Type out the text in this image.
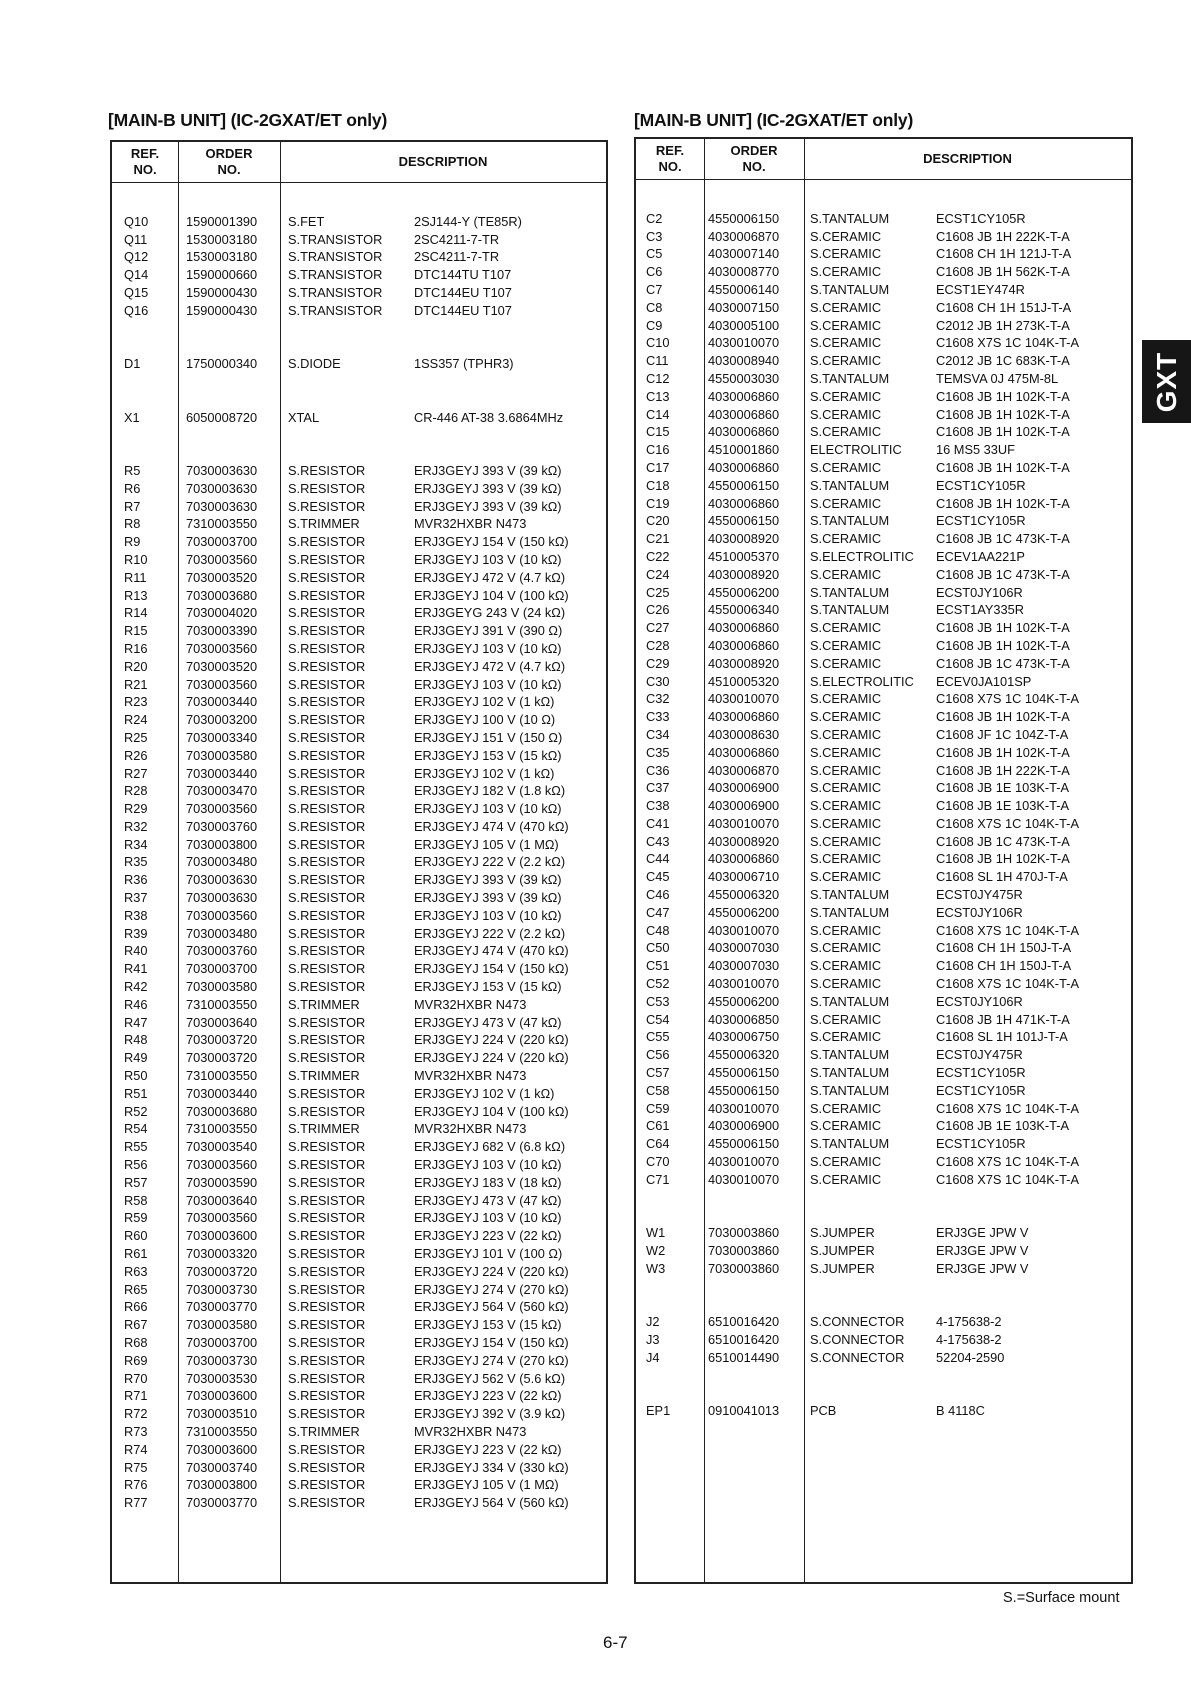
[MAIN-B UNIT] (IC-2GXAT/ET only)
REF.
NO.
ORDER
NO.
DESCRIPTION
Q10	1590001390 S.FET	2SJ144-Y (TE85R)
Q11	1530003180 S.TRANSISTOR 2SC4211-7-TR
Q12	1530003180 S.TRANSISTOR 2SC4211-7-TR
Q14	1590000660 S.TRANSISTOR DTC144TU T107
Q15	1590000430 S.TRANSISTOR DTC144EU T107
Q16	1590000430 S.TRANSISTOR DTC144EU T107
D1	1750000340 S.DIODE	1SS357 (TPHR3)
X1	6050008720 XTAL	CR-446 AT-38 3.6864MHz
R5	7030003630 S.RESISTOR	ERJ3GEYJ 393 V (39 kΩ)
R6	7030003630 S.RESISTOR	ERJ3GEYJ 393 V (39 kΩ)
R7	7030003630 S.RESISTOR	ERJ3GEYJ 393 V (39 kΩ)
R8	7310003550 S.TRIMMER	MVR32HXBR N473
R9	7030003700 S.RESISTOR	ERJ3GEYJ 154 V (150 kΩ)
R10	7030003560 S.RESISTOR	ERJ3GEYJ 103 V (10 kΩ)
R11	7030003520 S.RESISTOR	ERJ3GEYJ 472 V (4.7 kΩ)
R13	7030003680 S.RESISTOR	ERJ3GEYJ 104 V (100 kΩ)
R14	7030004020 S.RESISTOR	ERJ3GEYG 243 V (24 kΩ)
R15	7030003390 S.RESISTOR	ERJ3GEYJ 391 V (390 Ω)
R16	7030003560 S.RESISTOR	ERJ3GEYJ 103 V (10 kΩ)
R20	7030003520 S.RESISTOR	ERJ3GEYJ 472 V (4.7 kΩ)
R21	7030003560 S.RESISTOR	ERJ3GEYJ 103 V (10 kΩ)
R23	7030003440 S.RESISTOR	ERJ3GEYJ 102 V (1 kΩ)
R24	7030003200 S.RESISTOR	ERJ3GEYJ 100 V (10 Ω)
R25	7030003340 S.RESISTOR	ERJ3GEYJ 151 V (150 Ω)
R26	7030003580 S.RESISTOR	ERJ3GEYJ 153 V (15 kΩ)
R27	7030003440 S.RESISTOR	ERJ3GEYJ 102 V (1 kΩ)
R28	7030003470 S.RESISTOR	ERJ3GEYJ 182 V (1.8 kΩ)
R29	7030003560 S.RESISTOR	ERJ3GEYJ 103 V (10 kΩ)
R32	7030003760 S.RESISTOR	ERJ3GEYJ 474 V (470 kΩ)
R34	7030003800 S.RESISTOR	ERJ3GEYJ 105 V (1 MΩ)
R35	7030003480 S.RESISTOR	ERJ3GEYJ 222 V (2.2 kΩ)
R36	7030003630 S.RESISTOR	ERJ3GEYJ 393 V (39 kΩ)
R37	7030003630 S.RESISTOR	ERJ3GEYJ 393 V (39 kΩ)
R38	7030003560 S.RESISTOR	ERJ3GEYJ 103 V (10 kΩ)
R39	7030003480 S.RESISTOR	ERJ3GEYJ 222 V (2.2 kΩ)
R40	7030003760 S.RESISTOR	ERJ3GEYJ 474 V (470 kΩ)
R41	7030003700 S.RESISTOR	ERJ3GEYJ 154 V (150 kΩ)
R42	7030003580 S.RESISTOR	ERJ3GEYJ 153 V (15 kΩ)
R46	7310003550 S.TRIMMER	MVR32HXBR N473
R47	7030003640 S.RESISTOR	ERJ3GEYJ 473 V (47 kΩ)
R48	7030003720 S.RESISTOR	ERJ3GEYJ 224 V (220 kΩ)
R49	7030003720 S.RESISTOR	ERJ3GEYJ 224 V (220 kΩ)
R50	7310003550 S.TRIMMER	MVR32HXBR N473
R51	7030003440 S.RESISTOR	ERJ3GEYJ 102 V (1 kΩ)
R52	7030003680 S.RESISTOR	ERJ3GEYJ 104 V (100 kΩ)
R54	7310003550 S.TRIMMER	MVR32HXBR N473
R55	7030003540 S.RESISTOR	ERJ3GEYJ 682 V (6.8 kΩ)
R56	7030003560 S.RESISTOR	ERJ3GEYJ 103 V (10 kΩ)
R57	7030003590 S.RESISTOR	ERJ3GEYJ 183 V (18 kΩ)
R58	7030003640 S.RESISTOR	ERJ3GEYJ 473 V (47 kΩ)
R59	7030003560 S.RESISTOR	ERJ3GEYJ 103 V (10 kΩ)
R60	7030003600 S.RESISTOR	ERJ3GEYJ 223 V (22 kΩ)
R61	7030003320 S.RESISTOR	ERJ3GEYJ 101 V (100 Ω)
R63	7030003720 S.RESISTOR	ERJ3GEYJ 224 V (220 kΩ)
R65	7030003730 S.RESISTOR	ERJ3GEYJ 274 V (270 kΩ)
R66	7030003770 S.RESISTOR	ERJ3GEYJ 564 V (560 kΩ)
R67	7030003580 S.RESISTOR	ERJ3GEYJ 153 V (15 kΩ)
R68	7030003700 S.RESISTOR	ERJ3GEYJ 154 V (150 kΩ)
R69	7030003730 S.RESISTOR	ERJ3GEYJ 274 V (270 kΩ)
R70	7030003530 S.RESISTOR	ERJ3GEYJ 562 V (5.6 kΩ)
R71	7030003600 S.RESISTOR	ERJ3GEYJ 223 V (22 kΩ)
R72	7030003510 S.RESISTOR	ERJ3GEYJ 392 V (3.9 kΩ)
R73	7310003550 S.TRIMMER	MVR32HXBR N473
R74	7030003600 S.RESISTOR	ERJ3GEYJ 223 V (22 kΩ)
R75	7030003740 S.RESISTOR	ERJ3GEYJ 334 V (330 kΩ)
R76	7030003800 S.RESISTOR	ERJ3GEYJ 105 V (1 MΩ)
R77	7030003770 S.RESISTOR	ERJ3GEYJ 564 V (560 kΩ)
[MAIN-B UNIT] (IC-2GXAT/ET only)
REF.
NO.
ORDER
NO.
DESCRIPTION
C2	4550006150 S.TANTALUM	ECST1CY105R
C3	4030006870 S.CERAMIC	C1608 JB 1H 222K-T-A
C5	4030007140 S.CERAMIC	C1608 CH 1H 121J-T-A
C6	4030008770 S.CERAMIC	C1608 JB 1H 562K-T-A
C7	4550006140 S.TANTALUM	ECST1EY474R
C8	4030007150 S.CERAMIC	C1608 CH 1H 151J-T-A
C9	4030005100 S.CERAMIC	C2012 JB 1H 273K-T-A
C10	4030010070 S.CERAMIC	C1608 X7S 1C 104K-T-A
C11	4030008940 S.CERAMIC	C2012 JB 1C 683K-T-A
C12	4550003030 S.TANTALUM	TEMSVA 0J 475M-8L
C13	4030006860 S.CERAMIC	C1608 JB 1H 102K-T-A
C14	4030006860 S.CERAMIC	C1608 JB 1H 102K-T-A
C15	4030006860 S.CERAMIC	C1608 JB 1H 102K-T-A
C16	4510001860 ELECTROLITIC	16 MS5 33UF
C17	4030006860 S.CERAMIC	C1608 JB 1H 102K-T-A
C18	4550006150 S.TANTALUM	ECST1CY105R
C19	4030006860 S.CERAMIC	C1608 JB 1H 102K-T-A
C20	4550006150 S.TANTALUM	ECST1CY105R
C21	4030008920 S.CERAMIC	C1608 JB 1C 473K-T-A
C22	4510005370 S.ELECTROLITIC ECEV1AA221P
C24	4030008920 S.CERAMIC	C1608 JB 1C 473K-T-A
C25	4550006200 S.TANTALUM	ECST0JY106R
C26	4550006340 S.TANTALUM	ECST1AY335R
C27	4030006860 S.CERAMIC	C1608 JB 1H 102K-T-A
C28	4030006860 S.CERAMIC	C1608 JB 1H 102K-T-A
C29	4030008920 S.CERAMIC	C1608 JB 1C 473K-T-A
C30	4510005320 S.ELECTROLITIC ECEV0JA101SP
C32	4030010070 S.CERAMIC	C1608 X7S 1C 104K-T-A
C33	4030006860 S.CERAMIC	C1608 JB 1H 102K-T-A
C34	4030008630 S.CERAMIC	C1608 JF 1C 104Z-T-A
C35	4030006860 S.CERAMIC	C1608 JB 1H 102K-T-A
C36	4030006870 S.CERAMIC	C1608 JB 1H 222K-T-A
C37	4030006900 S.CERAMIC	C1608 JB 1E 103K-T-A
C38	4030006900 S.CERAMIC	C1608 JB 1E 103K-T-A
C41	4030010070 S.CERAMIC	C1608 X7S 1C 104K-T-A
C43	4030008920 S.CERAMIC	C1608 JB 1C 473K-T-A
C44	4030006860 S.CERAMIC	C1608 JB 1H 102K-T-A
C45	4030006710 S.CERAMIC	C1608 SL 1H 470J-T-A
C46	4550006320 S.TANTALUM	ECST0JY475R
C47	4550006200 S.TANTALUM	ECST0JY106R
C48	4030010070 S.CERAMIC	C1608 X7S 1C 104K-T-A
C50	4030007030 S.CERAMIC	C1608 CH 1H 150J-T-A
C51	4030007030 S.CERAMIC	C1608 CH 1H 150J-T-A
C52	4030010070 S.CERAMIC	C1608 X7S 1C 104K-T-A
C53	4550006200 S.TANTALUM	ECST0JY106R
C54	4030006850 S.CERAMIC	C1608 JB 1H 471K-T-A
C55	4030006750 S.CERAMIC	C1608 SL 1H 101J-T-A
C56	4550006320 S.TANTALUM	ECST0JY475R
C57	4550006150 S.TANTALUM	ECST1CY105R
C58	4550006150 S.TANTALUM	ECST1CY105R
C59	4030010070 S.CERAMIC	C1608 X7S 1C 104K-T-A
C61	4030006900 S.CERAMIC	C1608 JB 1E 103K-T-A
C64	4550006150 S.TANTALUM	ECST1CY105R
C70	4030010070 S.CERAMIC	C1608 X7S 1C 104K-T-A
C71	4030010070 S.CERAMIC	C1608 X7S 1C 104K-T-A
W1	7030003860 S.JUMPER	ERJ3GE JPW V
W2	7030003860 S.JUMPER	ERJ3GE JPW V
W3	7030003860 S.JUMPER	ERJ3GE JPW V
J2	6510016420 S.CONNECTOR 4-175638-2
J3	6510016420 S.CONNECTOR 4-175638-2
J4	6510014490 S.CONNECTOR 52204-2590
EP1	0910041013 PCB	B 4118C
GXT
S.=Surface mount
6-7
